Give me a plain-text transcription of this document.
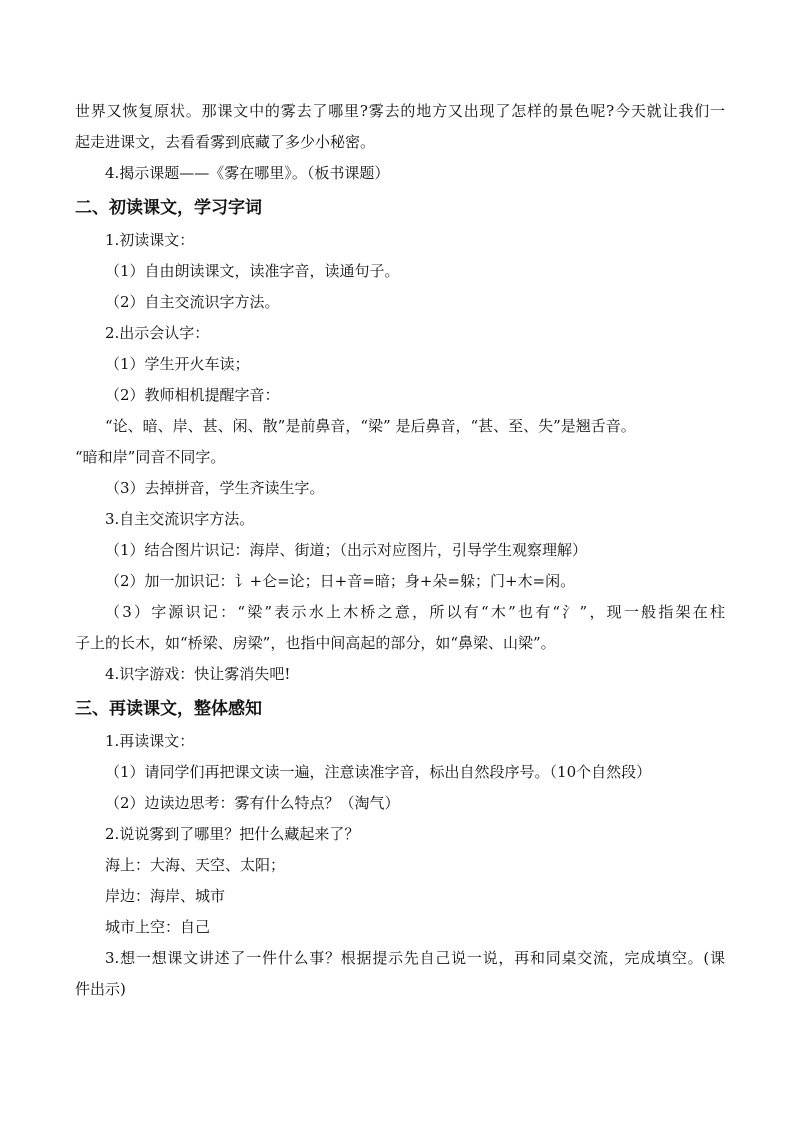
世界又恢复原状。那课文中的雾去了哪里?雾去的地方又出现了怎样的景色呢?今天就让我们一
起走进课文，去看看雾到底藏了多少小秘密。
4.揭示课题——《雾在哪里》。（板书课题）
二、初读课文，学习字词
1.初读课文：
（1）自由朗读课文，读准字音，读通句子。
（2）自主交流识字方法。
2.出示会认字：
（1）学生开火车读；
（2）教师相机提醒字音：
“论、暗、岸、甚、闲、散”是前鼻音，“梁” 是后鼻音，“甚、至、失”是翘舌音。
“暗和岸”同音不同字。
（3）去掉拼音，学生齐读生字。
3.自主交流识字方法。
（1）结合图片识记：海岸、街道；（出示对应图片，引导学生观察理解）
（2）加一加识记：讠+仑=论；日+音=暗；身+朵=躲；门+木=闲。
（3）字源识记：“梁”表示水上木桥之意，所以有“木”也有“氵”，现一般指架在柱
子上的长木，如“桥梁、房梁”，也指中间高起的部分，如“鼻梁、山梁”。
4.识字游戏：快让雾消失吧!
三、再读课文，整体感知
1.再读课文：
（1）请同学们再把课文读一遍，注意读准字音，标出自然段序号。（10个自然段）
（2）边读边思考：雾有什么特点？（淘气）
2.说说雾到了哪里？把什么藏起来了？
海上：大海、天空、太阳；
岸边：海岸、城市
城市上空：自己
3.想一想课文讲述了一件什么事？根据提示先自己说一说，再和同桌交流，完成填空。(课
件出示)
